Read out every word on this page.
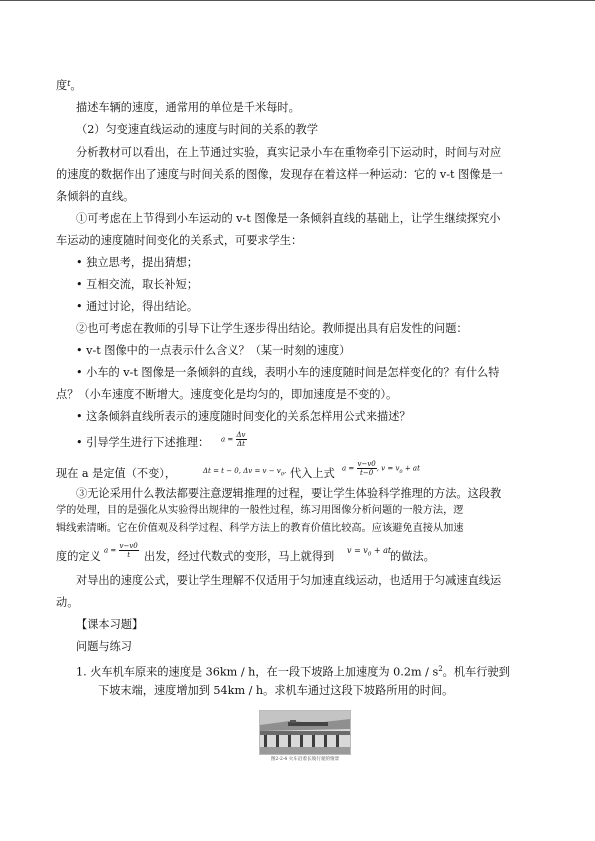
度$^t$。
描述车辆的速度，通常用的单位是千米每时。
（2）匀变速直线运动的速度与时间的关系的教学
分析教材可以看出，在上节通过实验，真实记录小车在重物牵引下运动时，时间与对应
的速度的数据作出了速度与时间关系的图像，发现存在着这样一种运动：它的 v-t 图像是一
条倾斜的直线。
①可考虑在上节得到小车运动的 v-t 图像是一条倾斜直线的基础上，让学生继续探究小
车运动的速度随时间变化的关系式，可要求学生：
• 独立思考，提出猜想；
• 互相交流，取长补短；
• 通过讨论，得出结论。
②也可考虑在教师的引导下让学生逐步得出结论。教师提出具有启发性的问题：
• v-t 图像中的一点表示什么含义？（某一时刻的速度）
• 小车的 v-t 图像是一条倾斜的直线，表明小车的速度随时间是怎样变化的？有什么特
点？（小车速度不断增大。速度变化是均匀的，即加速度是不变的）。
• 这条倾斜直线所表示的速度随时间变化的关系怎样用公式来描述？
• 引导学生进行下述推理： $a = \frac{\Delta v}{\Delta t}$
现在 a 是定值（不变），	Δt = t − 0, $\Delta v = v - v_0$, 代入上式 $a = \frac{v-v0}{t-0}$ , $v = v_0$ + at
③无论采用什么教法都要注意逻辑推理的过程，要让学生体验科学推理的方法。这段教
学的处理，目的是强化从实验得出规律的一般性过程，练习用图像分析问题的一般方法，逻
辑线索清晰。它在价值观及科学过程、科学方法上的教育价值比较高。应该避免直接从加速
度的定义 $a = \frac{v-v0}{t}$ 出发，经过代数式的变形，马上就得到 $v = v_0$ + at
的做法。
对导出的速度公式，要让学生理解不仅适用于匀加速直线运动，也适用于匀减速直线运
动。
【课本习题】
问题与练习
1. 火车机车原来的速度是 36km / h，在一段下坡路上加速度为 $0.2m / s^2$。机车行驶到
下坡末端，速度增加到 54km / h。求机车通过这段下坡路所用的时间。
图2-2-4 火车沿着长坡行驶的情景
